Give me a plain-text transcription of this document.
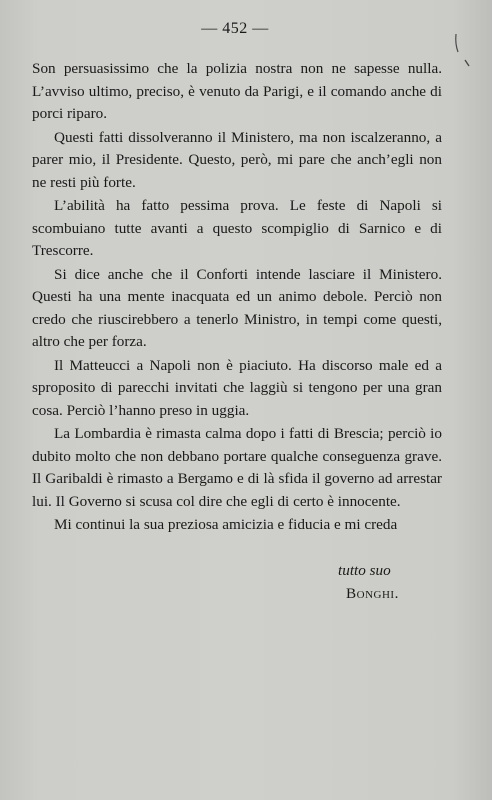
— 452 —

Son persuasissimo che la polizia nostra non ne sapesse nulla. L’avviso ultimo, preciso, è venuto da Parigi, e il comando anche di porci riparo.

Questi fatti dissolveranno il Ministero, ma non iscalzeranno, a parer mio, il Presidente. Questo, però, mi pare che anch’egli non ne resti più forte.

L’abilità ha fatto pessima prova. Le feste di Napoli si scombuiano tutte avanti a questo scompiglio di Sarnico e di Trescorre.

Si dice anche che il Conforti intende lasciare il Ministero. Questi ha una mente inacquata ed un animo debole. Perciò non credo che riuscirebbero a tenerlo Ministro, in tempi come questi, altro che per forza.

Il Matteucci a Napoli non è piaciuto. Ha discorso male ed a sproposito di parecchi invitati che laggiù si tengono per una gran cosa. Perciò l’hanno preso in uggia.

La Lombardia è rimasta calma dopo i fatti di Brescia; perciò io dubito molto che non debbano portare qualche conseguenza grave. Il Garibaldi è rimasto a Bergamo e di là sfida il governo ad arrestar lui. Il Governo si scusa col dire che egli di certo è innocente.

Mi continui la sua preziosa amicizia e fiducia e mi creda

tutto suo
Bonghi.
